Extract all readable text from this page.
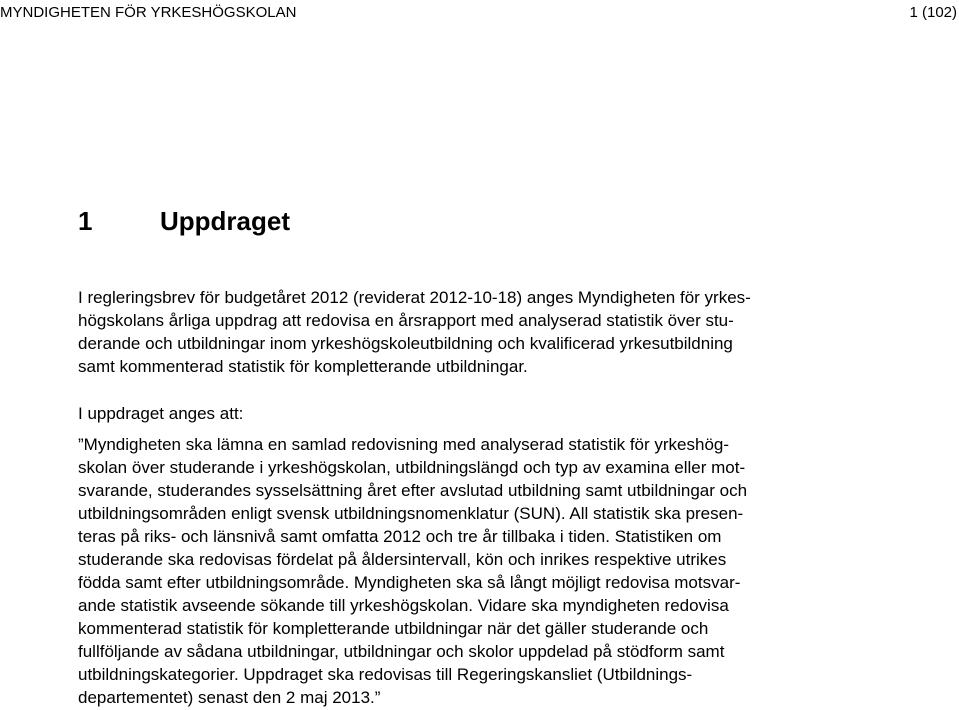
MYNDIGHETEN FÖR YRKESHÖGSKOLAN	1 (102)
1	Uppdraget
I regleringsbrev för budgetåret 2012 (reviderat 2012-10-18) anges Myndigheten för yrkes-
högskolans årliga uppdrag att redovisa en årsrapport med analyserad statistik över stu-
derande och utbildningar inom yrkeshögskoleutbildning och kvalificerad yrkesutbildning
samt kommenterad statistik för kompletterande utbildningar.
I uppdraget anges att:
”Myndigheten ska lämna en samlad redovisning med analyserad statistik för yrkeshög-
skolan över studerande i yrkeshögskolan, utbildningslängd och typ av examina eller mot-
svarande, studerandes sysselsättning året efter avslutad utbildning samt utbildningar och
utbildningsområden enligt svensk utbildningsnomenklatur (SUN). All statistik ska presen-
teras på riks- och länsnivå samt omfatta 2012 och tre år tillbaka i tiden. Statistiken om
studerande ska redovisas fördelat på åldersintervall, kön och inrikes respektive utrikes
födda samt efter utbildningsområde. Myndigheten ska så långt möjligt redovisa motsvar-
ande statistik avseende sökande till yrkeshögskolan. Vidare ska myndigheten redovisa
kommenterad statistik för kompletterande utbildningar när det gäller studerande och
fullföljande av sådana utbildningar, utbildningar och skolor uppdelad på stödform samt
utbildningskategorier. Uppdraget ska redovisas till Regeringskansliet (Utbildnings-
departementet) senast den 2 maj 2013.”
